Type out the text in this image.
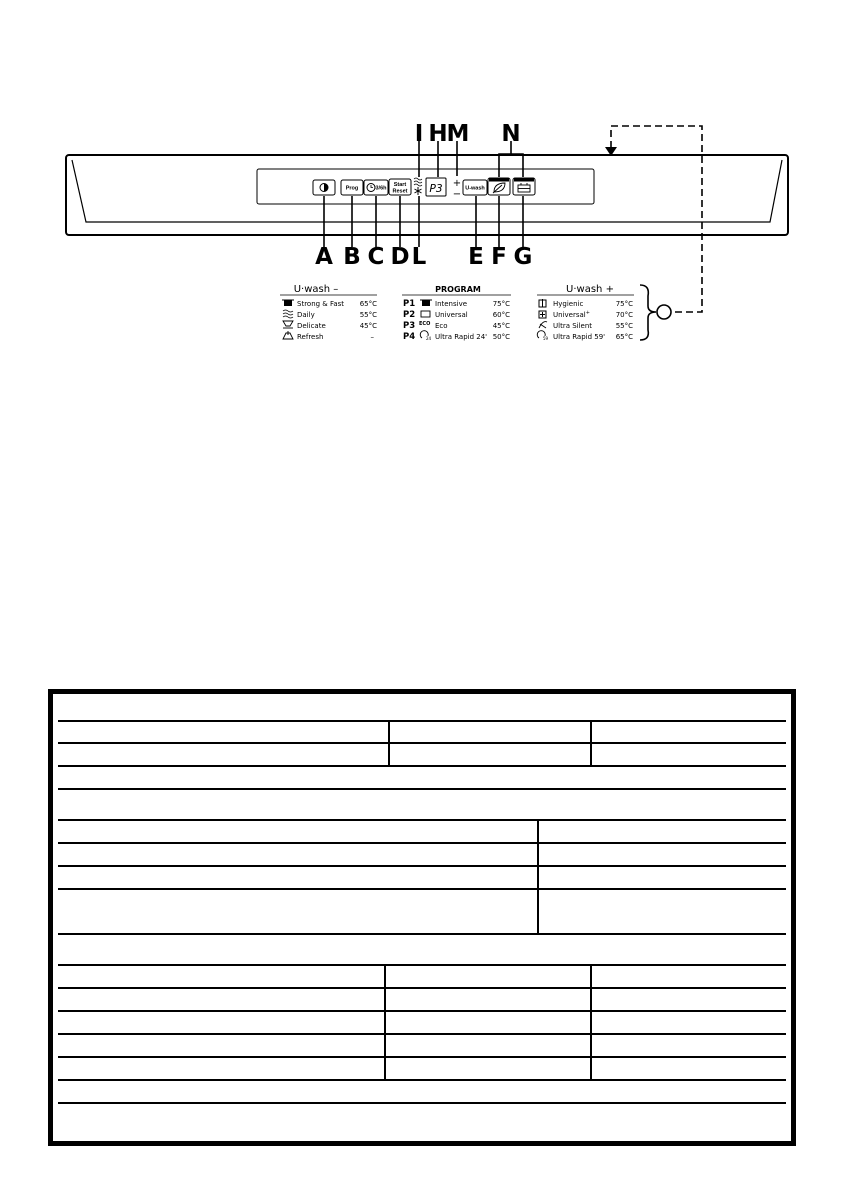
Prog	3/6h
Start
Reset P3 +
−
U-wash
I H
M N
A B C D L E F G
U·wash –
Strong & Fast 65°C
Daily	55°C
Delicate	45°C
Refresh	–
PROGRAM
P1	Intensive	75°C
P2	Universal	60°C
P3 ECO Eco	45°C
P4	24 Ultra Rapid 24' 50°C
U·wash +
Hygienic	75°C
Universal+	70°C
Ultra Silent	55°C
59 Ultra Rapid 59' 65°C
